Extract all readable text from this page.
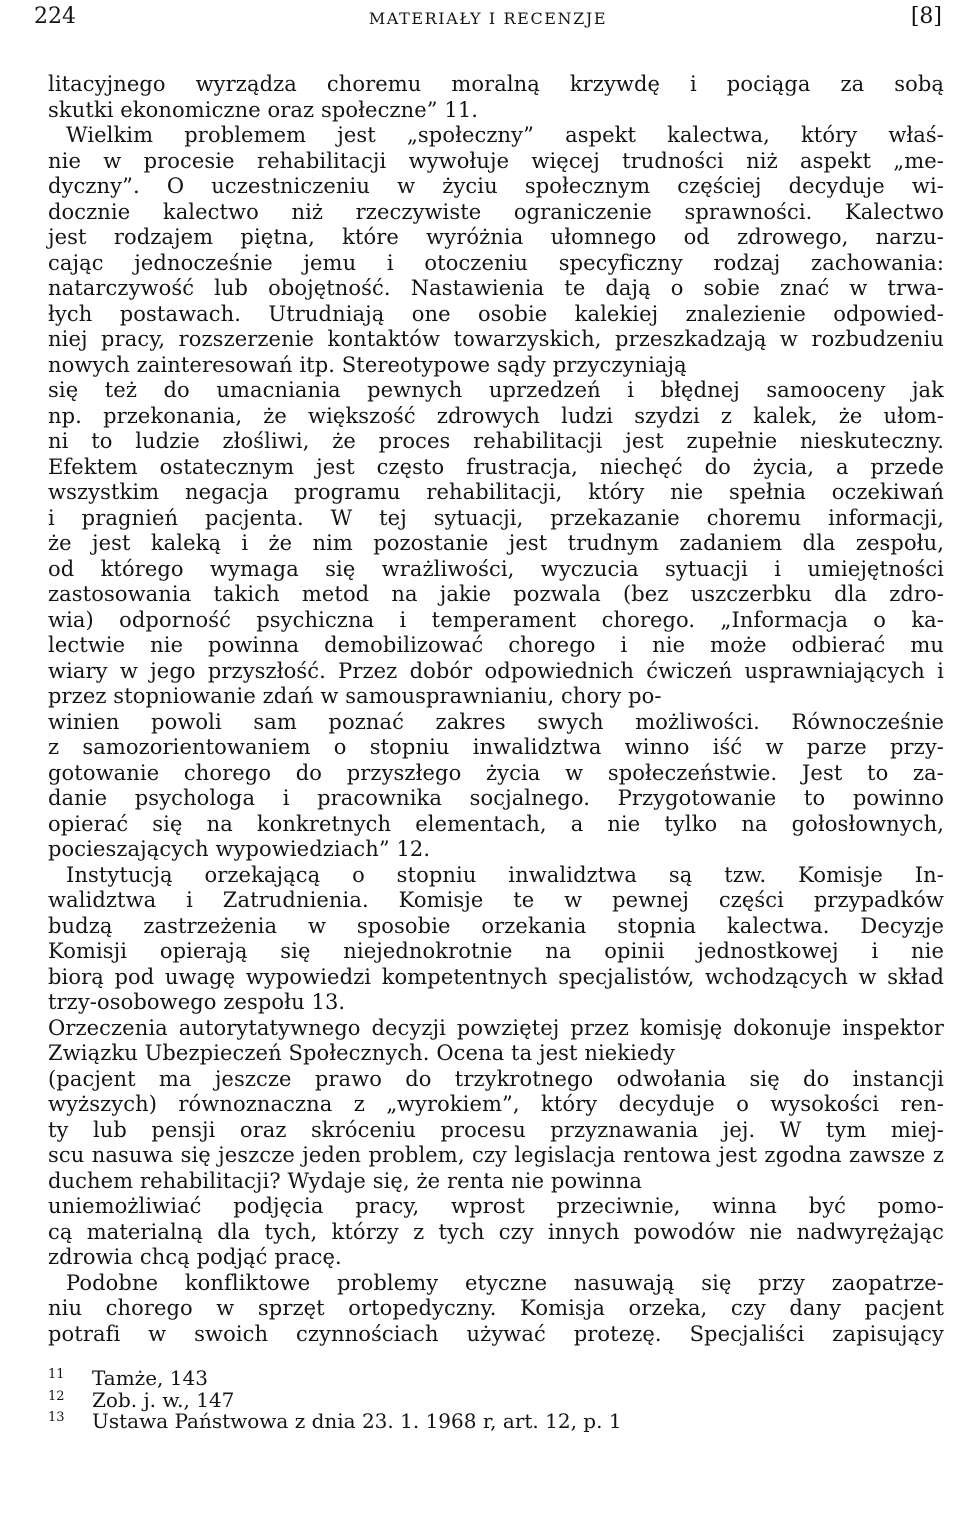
224	MATERIAŁY I RECENZJE	[8]
litacyjnego wyrządza choremu moralną krzywdę i pociąga za sobą
skutki ekonomiczne oraz społeczne” 11.
Wielkim problemem jest „społeczny” aspekt kalectwa, który właś-
nie w procesie rehabilitacji wywołuje więcej trudności niż aspekt „me-
dyczny”. O uczestniczeniu w życiu społecznym częściej decyduje wi-
docznie kalectwo niż rzeczywiste ograniczenie sprawności. Kalectwo
jest rodzajem piętna, które wyróżnia ułomnego od zdrowego, narzu-
cając jednocześnie jemu i otoczeniu specyficzny rodzaj zachowania:
natarczywość lub obojętność. Nastawienia te dają o sobie znać w trwa-
łych postawach. Utrudniają one osobie kalekiej znalezienie odpowied-
niej pracy, rozszerzenie kontaktów towarzyskich, przeszkadzają w rozbudzeniu
nowych zainteresowań itp. Stereotypowe sądy przyczyniają
się też do umacniania pewnych uprzedzeń i błędnej samooceny jak
np. przekonania, że większość zdrowych ludzi szydzi z kalek, że ułom-
ni to ludzie złośliwi, że proces rehabilitacji jest zupełnie nieskuteczny.
Efektem ostatecznym jest często frustracja, niechęć do życia, a przede
wszystkim negacja programu rehabilitacji, który nie spełnia oczekiwań
i pragnień pacjenta. W tej sytuacji, przekazanie choremu informacji,
że jest kaleką i że nim pozostanie jest trudnym zadaniem dla zespołu,
od którego wymaga się wrażliwości, wyczucia sytuacji i umiejętności
zastosowania takich metod na jakie pozwala (bez uszczerbku dla zdro-
wia) odporność psychiczna i temperament chorego. „Informacja o ka-
lectwie nie powinna demobilizować chorego i nie może odbierać mu
wiary w jego przyszłość. Przez dobór odpowiednich ćwiczeń usprawniających i
przez stopniowanie zdań w samousprawnianiu, chory po-
winien powoli sam poznać zakres swych możliwości. Równocześnie
z samozorientowaniem o stopniu inwalidztwa winno iść w parze przy-
gotowanie chorego do przyszłego życia w społeczeństwie. Jest to za-
danie psychologa i pracownika socjalnego. Przygotowanie to powinno
opierać się na konkretnych elementach, a nie tylko na gołosłownych,
pocieszających wypowiedziach” 12.
Instytucją orzekającą o stopniu inwalidztwa są tzw. Komisje In-
walidztwa i Zatrudnienia. Komisje te w pewnej części przypadków
budzą zastrzeżenia w sposobie orzekania stopnia kalectwa. Decyzje
Komisji opierają się niejednokrotnie na opinii jednostkowej i nie
biorą pod uwagę wypowiedzi kompetentnych specjalistów, wchodzących w skład
trzy-osobowego zespołu 13.
Orzeczenia autorytatywnego decyzji powziętej przez komisję dokonuje inspektor
Związku Ubezpieczeń Społecznych. Ocena ta jest niekiedy
(pacjent ma jeszcze prawo do trzykrotnego odwołania się do instancji
wyższych) równoznaczna z „wyrokiem”, który decyduje o wysokości ren-
ty lub pensji oraz skróceniu procesu przyznawania jej. W tym miej-
scu nasuwa się jeszcze jeden problem, czy legislacja rentowa jest zgodna zawsze z
duchem rehabilitacji? Wydaje się, że renta nie powinna
uniemożliwiać podjęcia pracy, wprost przeciwnie, winna być pomo-
cą materialną dla tych, którzy z tych czy innych powodów nie nadwyrężając
zdrowia chcą podjąć pracę.
Podobne konfliktowe problemy etyczne nasuwają się przy zaopatrze-
niu chorego w sprzęt ortopedyczny. Komisja orzeka, czy dany pacjent
potrafi w swoich czynnościach używać protezę. Specjaliści zapisujący
11 Tamże, 143
12 Zob. j. w., 147
13 Ustawa Państwowa z dnia 23. 1. 1968 r, art. 12, p. 1
